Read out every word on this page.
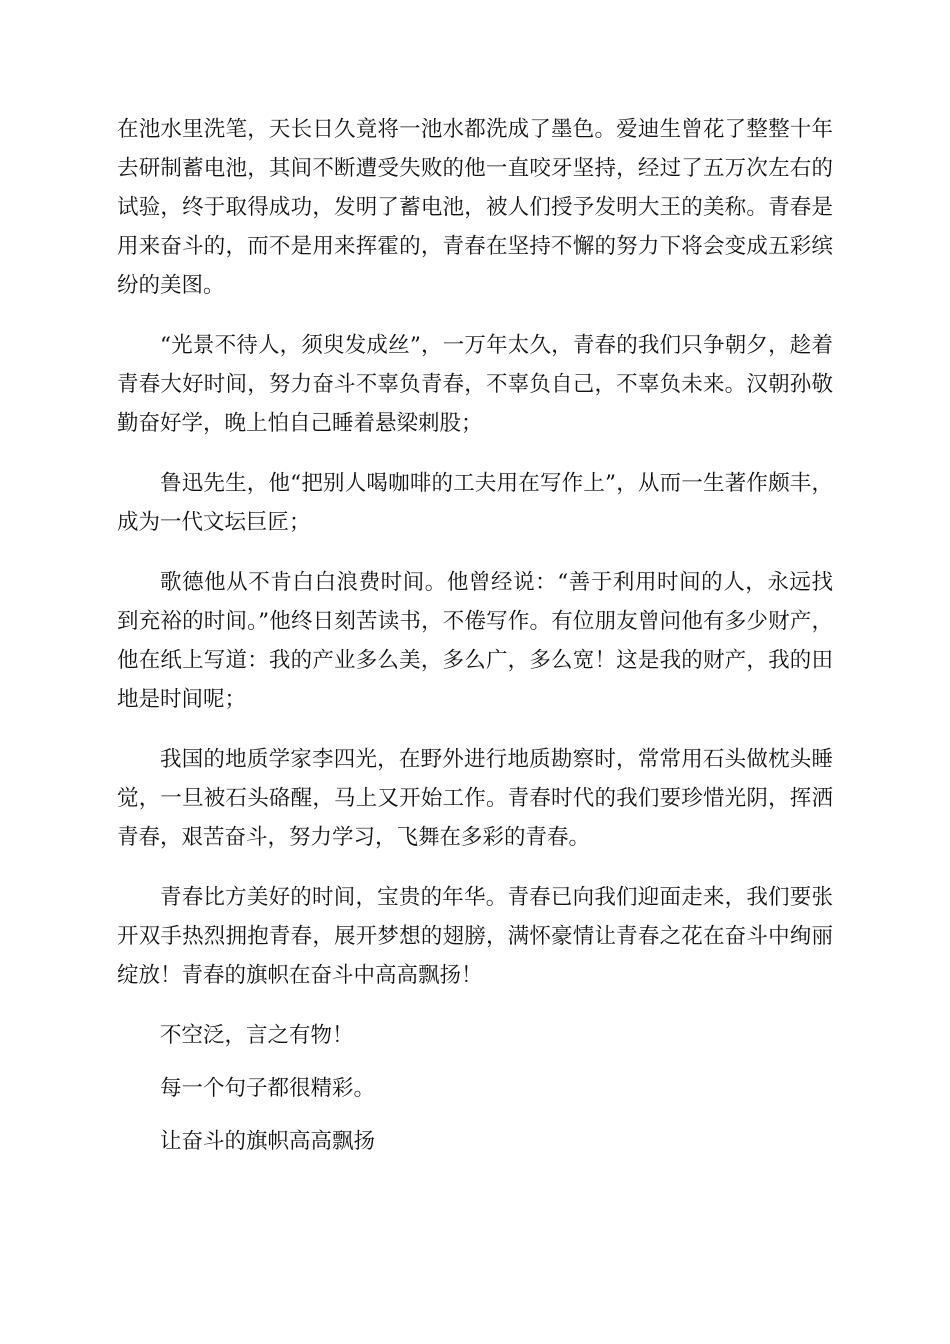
在池水里洗笔，天长日久竟将一池水都洗成了墨色。爱迪生曾花了整整十年去研制蓄电池，其间不断遭受失败的他一直咬牙坚持，经过了五万次左右的试验，终于取得成功，发明了蓄电池，被人们授予发明大王的美称。青春是用来奋斗的，而不是用来挥霍的，青春在坚持不懈的努力下将会变成五彩缤纷的美图。

“光景不待人，须臾发成丝”，一万年太久，青春的我们只争朝夕，趁着青春大好时间，努力奋斗不辜负青春，不辜负自己，不辜负未来。汉朝孙敬勤奋好学，晚上怕自己睡着悬梁刺股；

鲁迅先生，他“把别人喝咖啡的工夫用在写作上”，从而一生著作颇丰，成为一代文坛巨匠；

歌德他从不肯白白浪费时间。他曾经说：“善于利用时间的人，永远找到充裕的时间。”他终日刻苦读书，不倦写作。有位朋友曾问他有多少财产，他在纸上写道：我的产业多么美，多么广，多么宽！这是我的财产，我的田地是时间呢；

我国的地质学家李四光，在野外进行地质勘察时，常常用石头做枕头睡觉，一旦被石头硌醒，马上又开始工作。青春时代的我们要珍惜光阴，挥洒青春，艰苦奋斗，努力学习，飞舞在多彩的青春。

青春比方美好的时间，宝贵的年华。青春已向我们迎面走来，我们要张开双手热烈拥抱青春，展开梦想的翅膀，满怀豪情让青春之花在奋斗中绚丽绽放！青春的旗帜在奋斗中高高飘扬！

不空泛，言之有物！

每一个句子都很精彩。

让奋斗的旗帜高高飘扬
